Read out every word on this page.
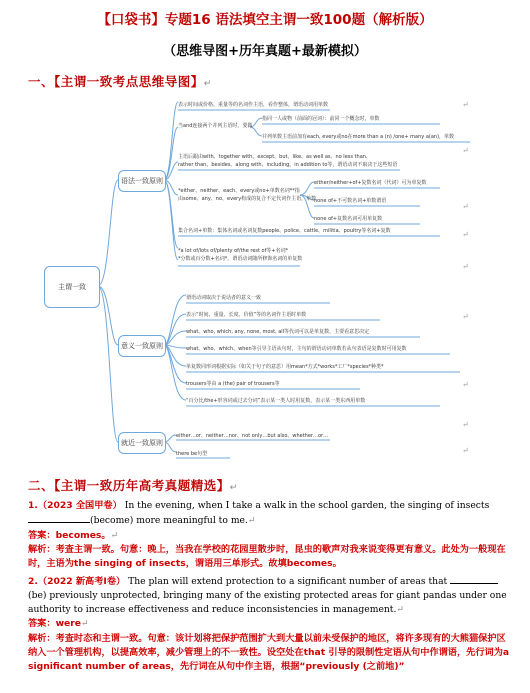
【口袋书】专题16 语法填空主谓一致100题（解析版）
（思维导图+历年真题+最新模拟）
一、【主谓一致考点思维导图】↵
主谓一致
语法一致原则
意义一致原则
就近一致原则
表示时间或价格、重量等的名词作主语，看作整体，谓语动词用单数
当and连接两个并列主语时，要做
指同一人或物（前面的冠词）：前同一个概念时，单数
并列单数主语前加有each, every或no在more than a (n) /one+ many a(an)，单数
主语后跟由with、together with、except、but、like、as well as、no less than、
rather than、besides、along with、including、in addition to等，谓语动词不取决于这些短语
*either、neither、each、every或no+单数名词**指
由some、any、no、every构成的复合不定代词作主语，单数
either/neither+of+复数名词（代词）可为单复数
none of+不可数名词+单数谓语
none of+复数名词可用单复数
集合名词+单数：集体名词或名词复数people、police、cattle、militia、poultry等名词+复数
*a lot of/lots of/plenty of/the rest of等+名词*
*分数或百分数+名词*，谓语动词随所修饰名词的单复数
谓语动词取决于说话者的意义一致
表示“时间、重量、长度、价值”等的名词作主语时单数
what、who, which, any, none, most, all等代词可以是单复数，主要看意思决定
what、who、which、when等引导主语从句时，主句的谓语动词单数若从句表语是复数时可用复数
单复数同形词根据实际（如关于句子的意思）用mean*方式*works*工厂*species*种类*
trousers等由 a (the) pair of trousers等
“百分比/the+形容词或过去分词”表示某一类人时用复数，表示某一类东西用单数
either…or、neither…nor、not only…but also、whether…or…
there be句型
↵
↵
↵
↵
↵
↵
↵
↵
↵
二、【主谓一致历年高考真题精选】↵
1.（2023 全国甲卷） In the evening, when I take a walk in the school garden, the singing of insects (become) more meaningful to me.↵
答案：becomes。↵
解析：考查主谓一致。句意：晚上，当我在学校的花园里散步时，昆虫的歌声对我来说变得更有意义。此处为一般现在时，主语为the singing of insects，谓语用三单形式。故填becomes。
2.（2022 新高考Ⅰ卷） The plan will extend protection to a significant number of areas that  (be) previously unprotected, bringing many of the existing protected areas for giant pandas under one authority to increase effectiveness and reduce inconsistencies in management.↵
答案：were↵
解析：考查时态和主谓一致。句意：该计划将把保护范围扩大到大量以前未受保护的地区，将许多现有的大熊猫保护区纳入一个管理机构，以提高效率，减少管理上的不一致性。设空处在that 引导的限制性定语从句中作谓语，先行词为a significant number of areas，先行词在从句中作主语，根据“previously (之前地)”
